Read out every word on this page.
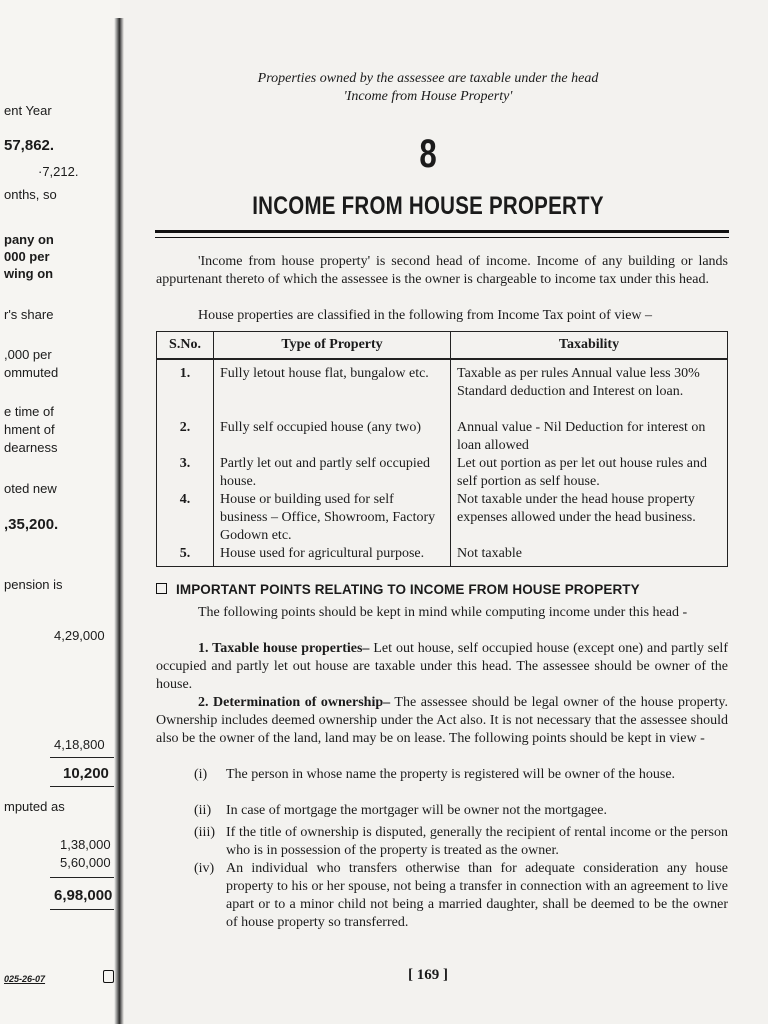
ent Year
57,862.
·7,212.
onths, so
pany on
000 per
wing on
r's share
,000 per
ommuted
e time of
hment of
dearness
oted new
,35,200.
pension is
4,29,000
4,18,800
10,200
mputed as
1,38,000
5,60,000
6,98,000
025-26-07
Properties owned by the assessee are taxable under the head
'Income from House Property'
8
INCOME FROM HOUSE PROPERTY
'Income from house property' is second head of income. Income of any building or lands appurtenant thereto of which the assessee is the owner is chargeable to income tax under this head.
House properties are classified in the following from Income Tax point of view –
S.No.	Type of Property	Taxability
1.	Fully letout house flat, bungalow etc.	Taxable as per rules Annual value less 30% Standard deduction and Interest on loan.
2.	Fully self occupied house (any two)	Annual value - Nil Deduction for interest on loan allowed
3.	Partly let out and partly self occupied house.	Let out portion as per let out house rules and self portion as self house.
4.	House or building used for self business – Office, Showroom, Factory Godown etc.	Not taxable under the head house property expenses allowed under the head business.
5.	House used for agricultural purpose.	Not taxable
IMPORTANT POINTS RELATING TO INCOME FROM HOUSE PROPERTY
The following points should be kept in mind while computing income under this head -
1. Taxable house properties– Let out house, self occupied house (except one) and partly self occupied and partly let out house are taxable under this head. The assessee should be owner of the house.
2. Determination of ownership– The assessee should be legal owner of the house property. Ownership includes deemed ownership under the Act also. It is not necessary that the assessee should also be the owner of the land, land may be on lease. The following points should be kept in view -
(i) The person in whose name the property is registered will be owner of the house.
(ii) In case of mortgage the mortgager will be owner not the mortgagee.
(iii) If the title of ownership is disputed, generally the recipient of rental income or the person who is in possession of the property is treated as the owner.
(iv) An individual who transfers otherwise than for adequate consideration any house property to his or her spouse, not being a transfer in connection with an agreement to live apart or to a minor child not being a married daughter, shall be deemed to be the owner of house property so transferred.
[ 169 ]
